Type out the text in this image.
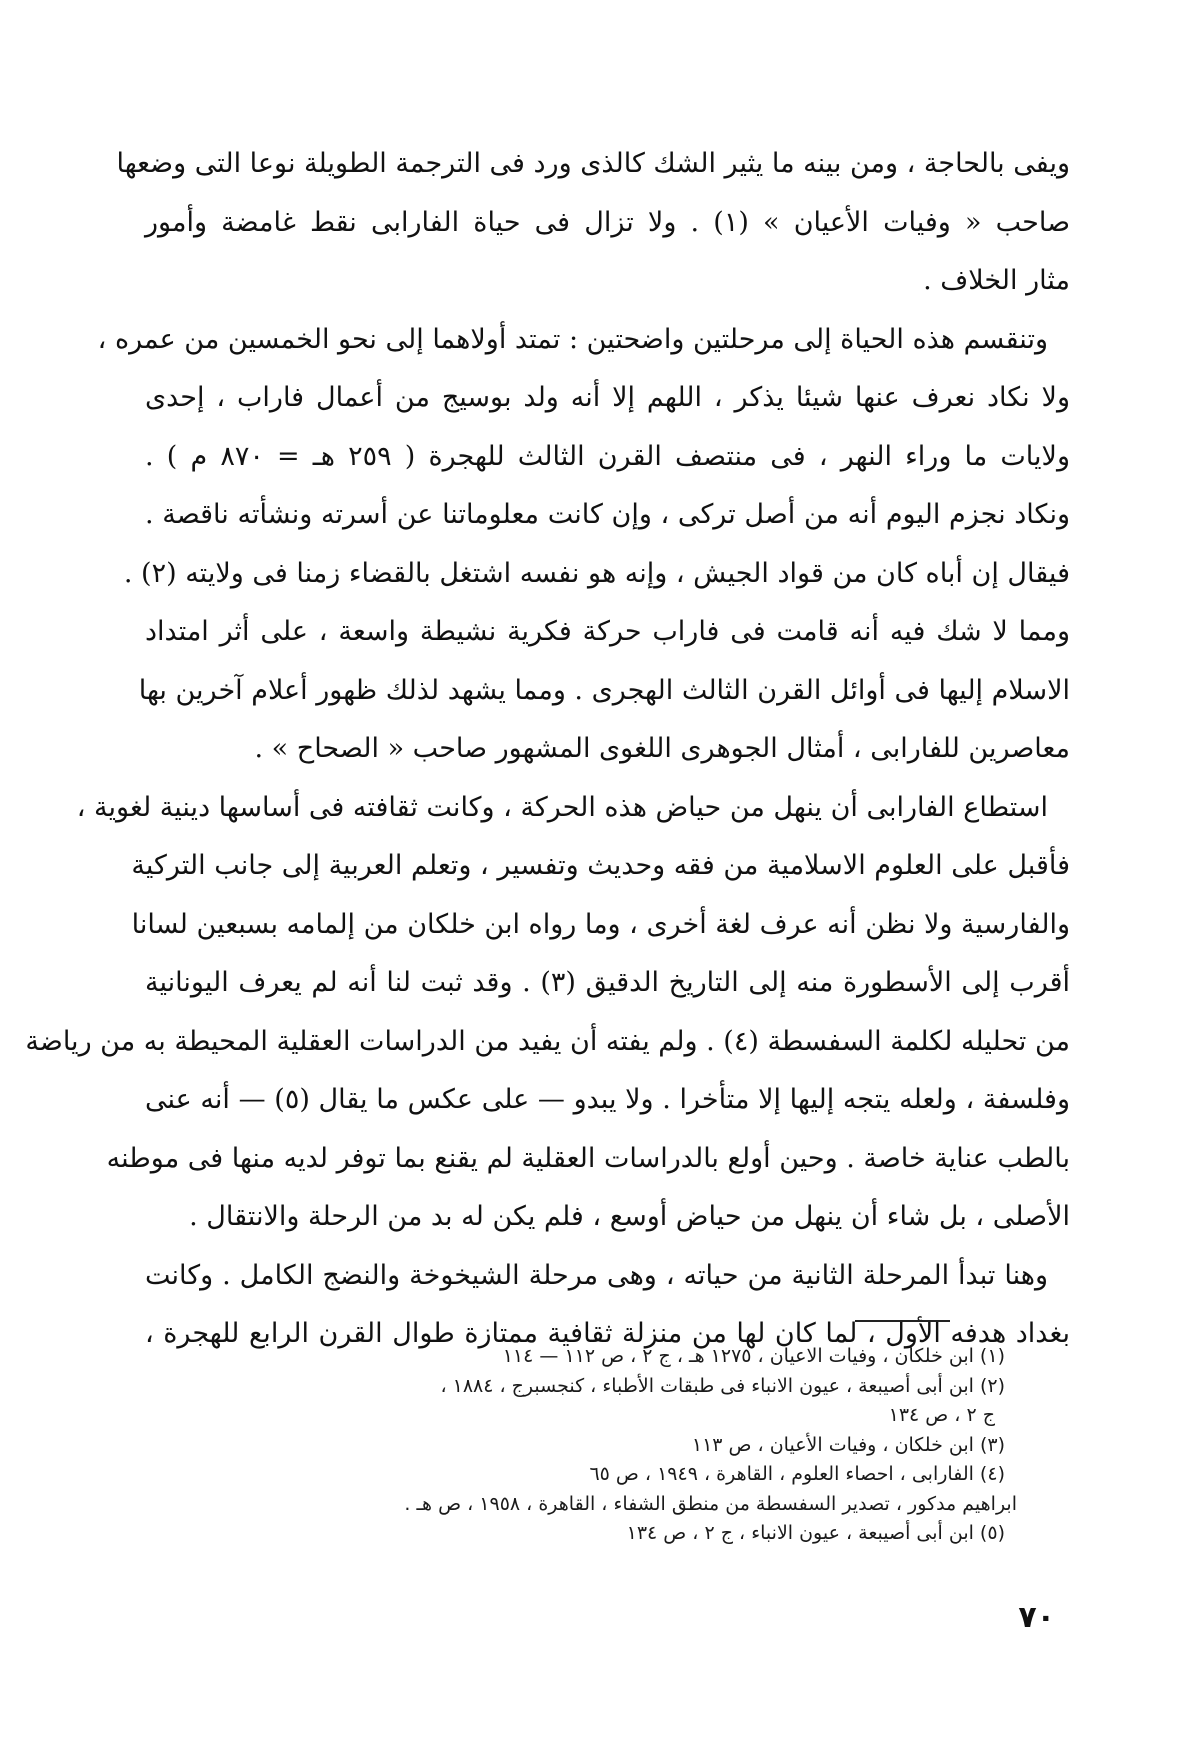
ويفى بالحاجة ، ومن بينه ما يثير الشك كالذى ورد فى الترجمة الطويلة نوعا التى وضعها
صاحب « وفيات الأعيان » (١) . ولا تزال فى حياة الفارابى نقط غامضة وأمور
مثار الخلاف .
وتنقسم هذه الحياة إلى مرحلتين واضحتين : تمتد أولاهما إلى نحو الخمسين من عمره ،
ولا نكاد نعرف عنها شيئا يذكر ، اللهم إلا أنه ولد بوسيج من أعمال فاراب ، إحدى
ولايات ما وراء النهر ، فى منتصف القرن الثالث للهجرة ( ٢٥٩ هـ = ٨٧٠ م ) .
ونكاد نجزم اليوم أنه من أصل تركى ، وإن كانت معلوماتنا عن أسرته ونشأته ناقصة .
فيقال إن أباه كان من قواد الجيش ، وإنه هو نفسه اشتغل بالقضاء زمنا فى ولايته (٢) .
ومما لا شك فيه أنه قامت فى فاراب حركة فكرية نشيطة واسعة ، على أثر امتداد
الاسلام إليها فى أوائل القرن الثالث الهجرى . ومما يشهد لذلك ظهور أعلام آخرين بها
معاصرين للفارابى ، أمثال الجوهرى اللغوى المشهور صاحب « الصحاح » .
استطاع الفارابى أن ينهل من حياض هذه الحركة ، وكانت ثقافته فى أساسها دينية لغوية ،
فأقبل على العلوم الاسلامية من فقه وحديث وتفسير ، وتعلم العربية إلى جانب التركية
والفارسية ولا نظن أنه عرف لغة أخرى ، وما رواه ابن خلكان من إلمامه بسبعين لسانا
أقرب إلى الأسطورة منه إلى التاريخ الدقيق (٣) . وقد ثبت لنا أنه لم يعرف اليونانية
من تحليله لكلمة السفسطة (٤) . ولم يفته أن يفيد من الدراسات العقلية المحيطة به من رياضة
وفلسفة ، ولعله يتجه إليها إلا متأخرا . ولا يبدو — على عكس ما يقال (٥) — أنه عنى
بالطب عناية خاصة . وحين أولع بالدراسات العقلية لم يقنع بما توفر لديه منها فى موطنه
الأصلى ، بل شاء أن ينهل من حياض أوسع ، فلم يكن له بد من الرحلة والانتقال .
وهنا تبدأ المرحلة الثانية من حياته ، وهى مرحلة الشيخوخة والنضج الكامل . وكانت
بغداد هدفه الأول ، لما كان لها من منزلة ثقافية ممتازة طوال القرن الرابع للهجرة ،
(١) ابن خلكان ، وفيات الاعيان ، ١٢٧٥ هـ ، ج ٢ ، ص ١١٢ — ١١٤
(٢) ابن أبى أصيبعة ، عيون الانباء فى طبقات الأطباء ، كنجسبرج ، ١٨٨٤ ،
ج ٢ ، ص ١٣٤
(٣) ابن خلكان ، وفيات الأعيان ، ص ١١٣
(٤) الفارابى ، احصاء العلوم ، القاهرة ، ١٩٤٩ ، ص ٦٥
ابراهيم مدكور ، تصدير السفسطة من منطق الشفاء ، القاهرة ، ١٩٥٨ ، ص هـ .
(٥) ابن أبى أصيبعة ، عيون الانباء ، ج ٢ ، ص ١٣٤
٧٠
